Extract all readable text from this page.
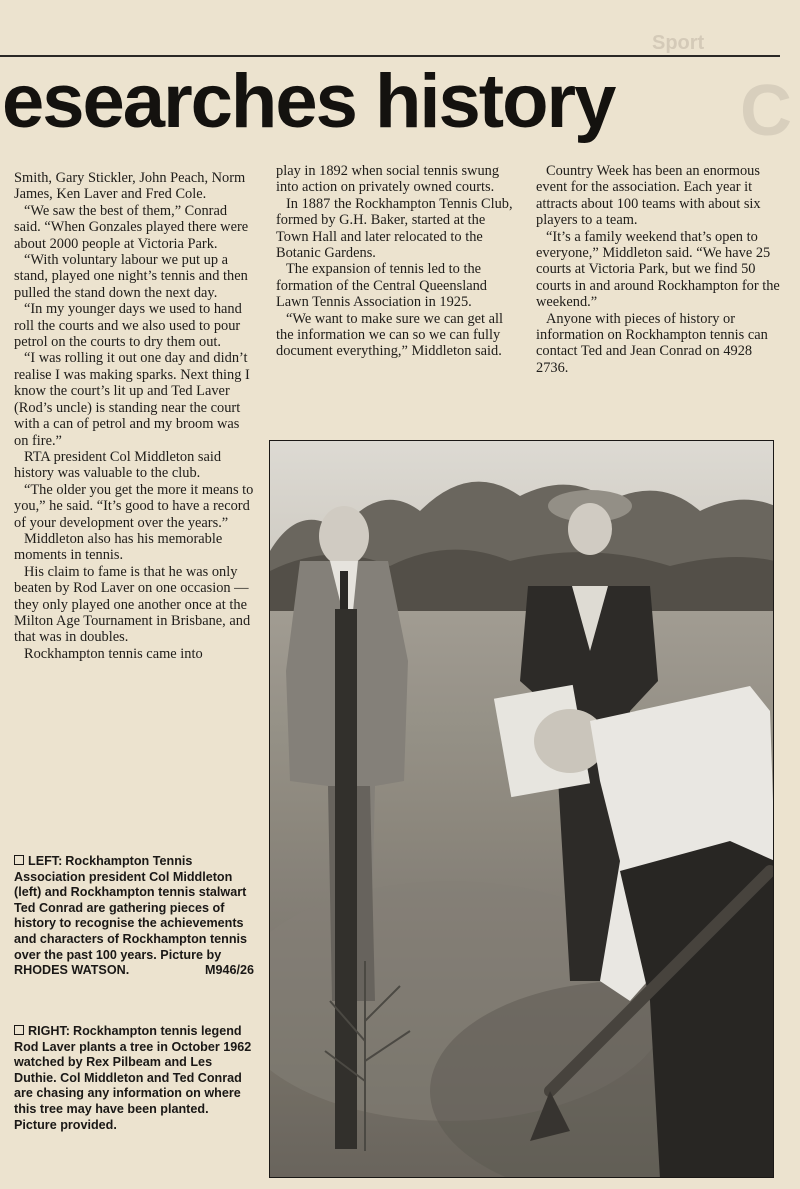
Sport
C
esearches history

Smith, Gary Stickler, John Peach, Norm James, Ken Laver and Fred Cole.

“We saw the best of them,” Conrad said. “When Gonzales played there were about 2000 people at Victoria Park.

“With voluntary labour we put up a stand, played one night’s tennis and then pulled the stand down the next day.

“In my younger days we used to hand roll the courts and we also used to pour petrol on the courts to dry them out.

“I was rolling it out one day and didn’t realise I was making sparks. Next thing I know the court’s lit up and Ted Laver (Rod’s uncle) is standing near the court with a can of petrol and my broom was on fire.”

RTA president Col Middleton said history was valuable to the club.

“The older you get the more it means to you,” he said. “It’s good to have a record of your development over the years.”

Middleton also has his memorable moments in tennis.

His claim to fame is that he was only beaten by Rod Laver on one occasion — they only played one another once at the Milton Age Tournament in Brisbane, and that was in doubles.

Rockhampton tennis came into

play in 1892 when social tennis swung into action on privately owned courts.

In 1887 the Rockhampton Tennis Club, formed by G.H. Baker, started at the Town Hall and later relocated to the Botanic Gardens.

The expansion of tennis led to the formation of the Central Queensland Lawn Tennis Association in 1925.

“We want to make sure we can get all the information we can so we can fully document everything,” Middleton said.

Country Week has been an enormous event for the association. Each year it attracts about 100 teams with about six players to a team.

“It’s a family weekend that’s open to everyone,” Middleton said. “We have 25 courts at Victoria Park, but we find 50 courts in and around Rockhampton for the weekend.”

Anyone with pieces of history or information on Rockhampton tennis can contact Ted and Jean Conrad on 4928 2736.

LEFT: Rockhampton Tennis Association president Col Middleton (left) and Rockhampton tennis stalwart Ted Conrad are gathering pieces of history to recognise the achievements and characters of Rockhampton tennis over the past 100 years. Picture by RHODES WATSON.	M946/26
RIGHT: Rockhampton tennis legend Rod Laver plants a tree in October 1962 watched by Rex Pilbeam and Les Duthie. Col Middleton and Ted Conrad are chasing any information on where this tree may have been planted. Picture provided.
